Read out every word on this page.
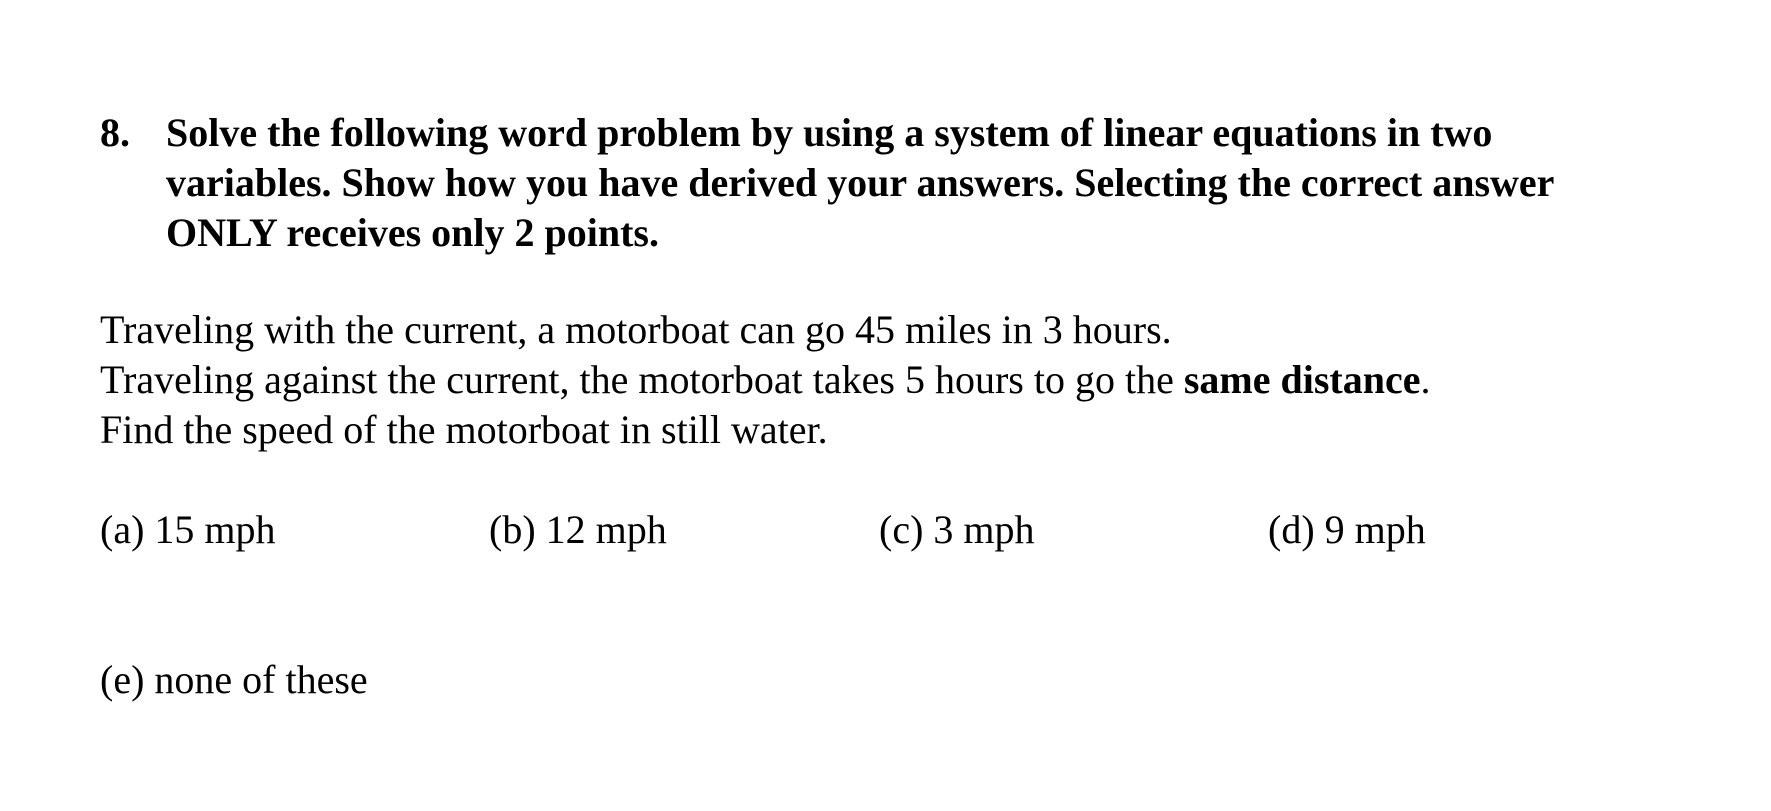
8. Solve the following word problem by using a system of linear equations in two
variables. Show how you have derived your answers. Selecting the correct answer
ONLY receives only 2 points.
Traveling with the current, a motorboat can go 45 miles in 3 hours.
Traveling against the current, the motorboat takes 5 hours to go the same distance.
Find the speed of the motorboat in still water.
(a) 15 mph	(b) 12 mph	(c) 3 mph	(d) 9 mph
(e) none of these
